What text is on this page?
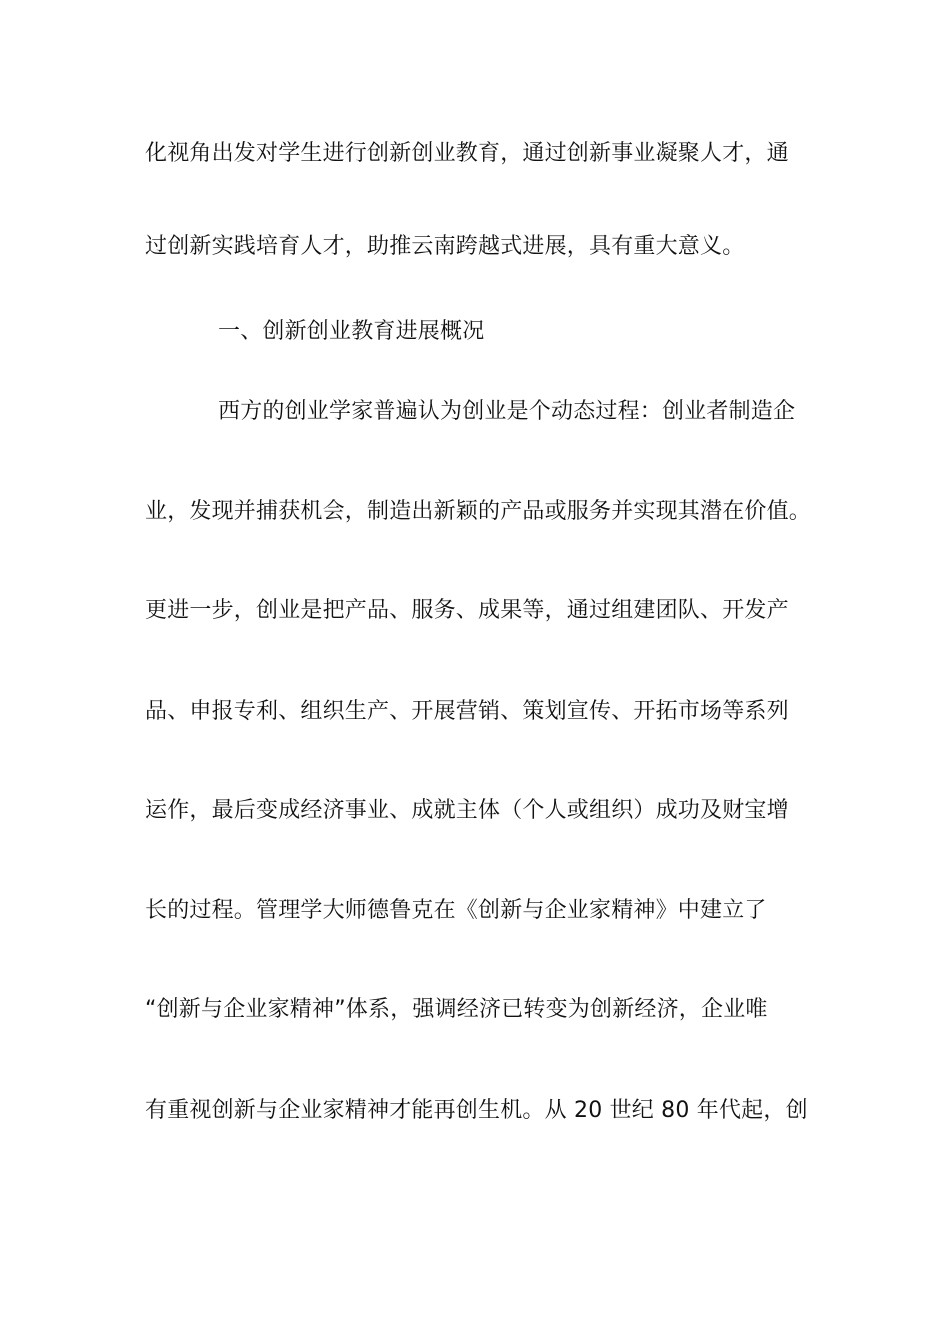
化视角出发对学生进行创新创业教育，通过创新事业凝聚人才，通
过创新实践培育人才，助推云南跨越式进展，具有重大意义。
一、创新创业教育进展概况
西方的创业学家普遍认为创业是个动态过程：创业者制造企
业，发现并捕获机会，制造出新颖的产品或服务并实现其潜在价值。
更进一步，创业是把产品、服务、成果等，通过组建团队、开发产
品、申报专利、组织生产、开展营销、策划宣传、开拓市场等系列
运作，最后变成经济事业、成就主体（个人或组织）成功及财宝增
长的过程。管理学大师德鲁克在《创新与企业家精神》中建立了
“创新与企业家精神”体系，强调经济已转变为创新经济，企业唯
有重视创新与企业家精神才能再创生机。从 20 世纪 80 年代起，创
